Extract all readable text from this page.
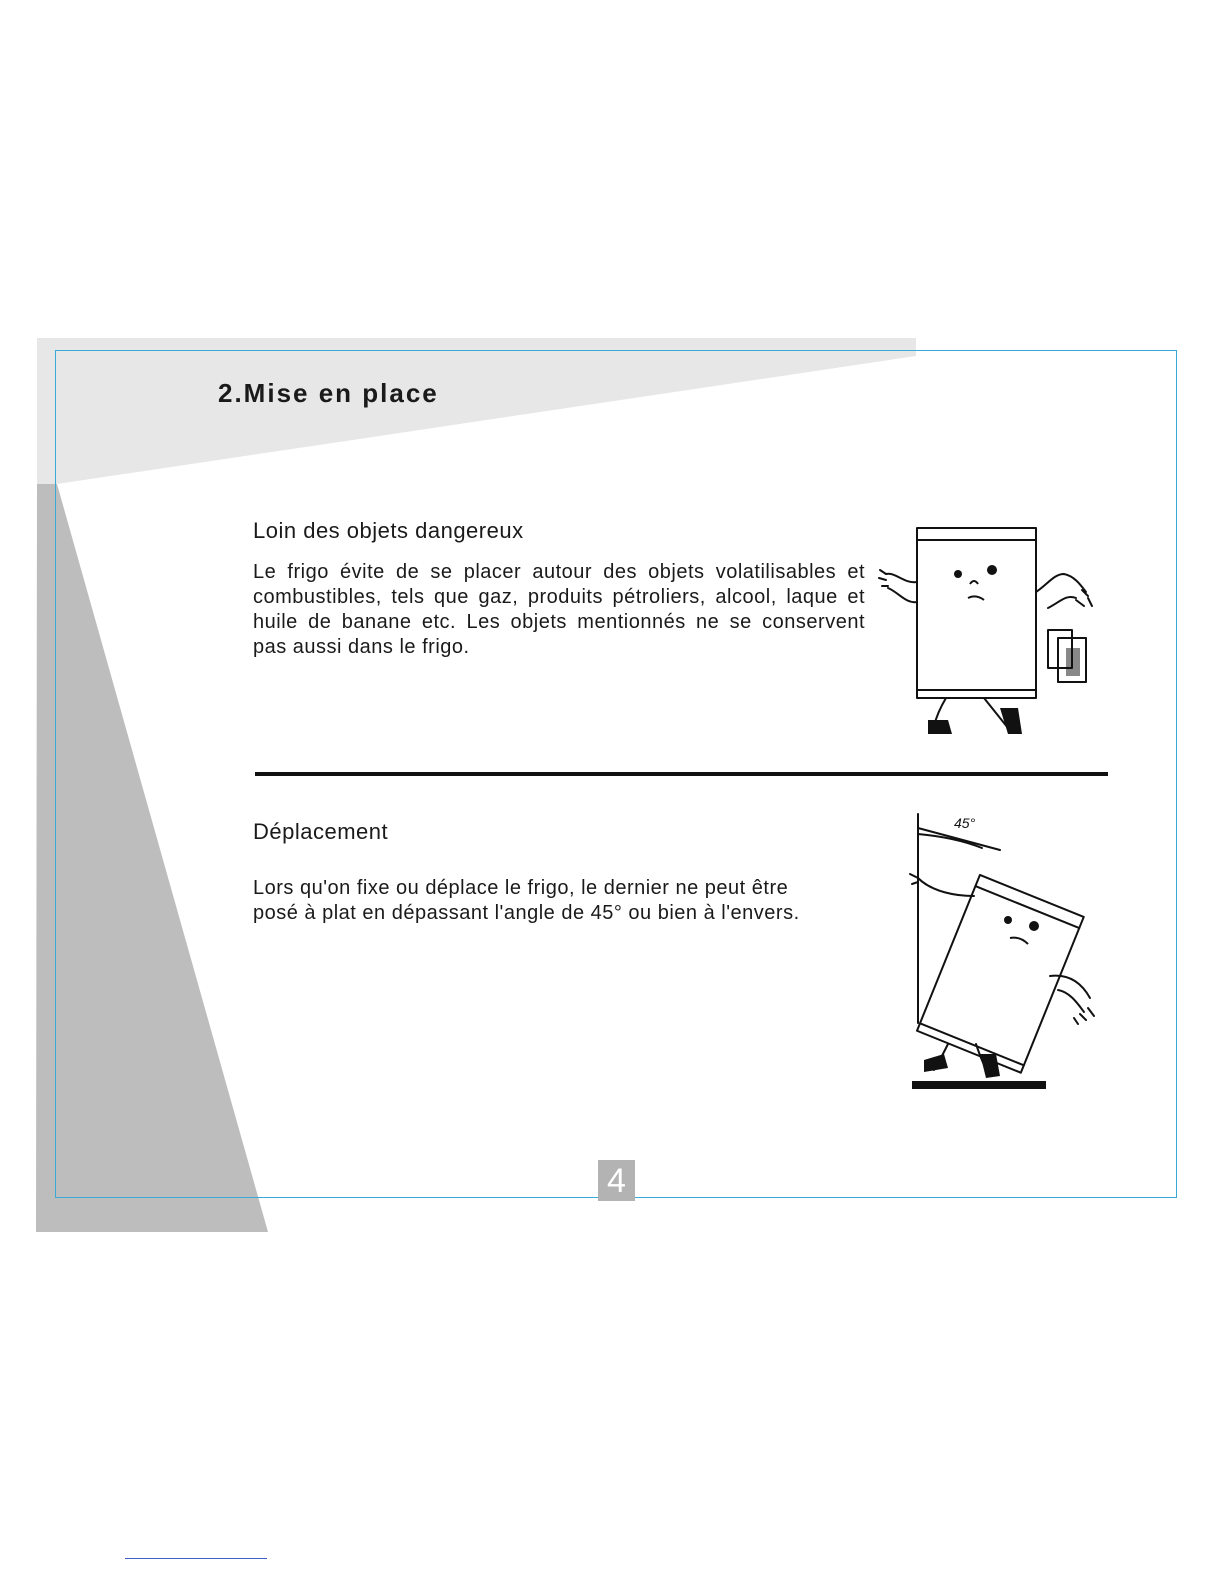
2.Mise en place
Loin des objets dangereux
Le frigo évite de se placer autour des objets volatilisables et combustibles, tels que gaz, produits pétroliers, alcool, laque et huile de banane etc. Les objets mentionnés ne se conservent pas aussi dans le frigo.
Déplacement
Lors qu'on fixe ou déplace le frigo, le dernier ne peut être posé à plat en dépassant l'angle de 45° ou bien à l'envers.
45°
4
